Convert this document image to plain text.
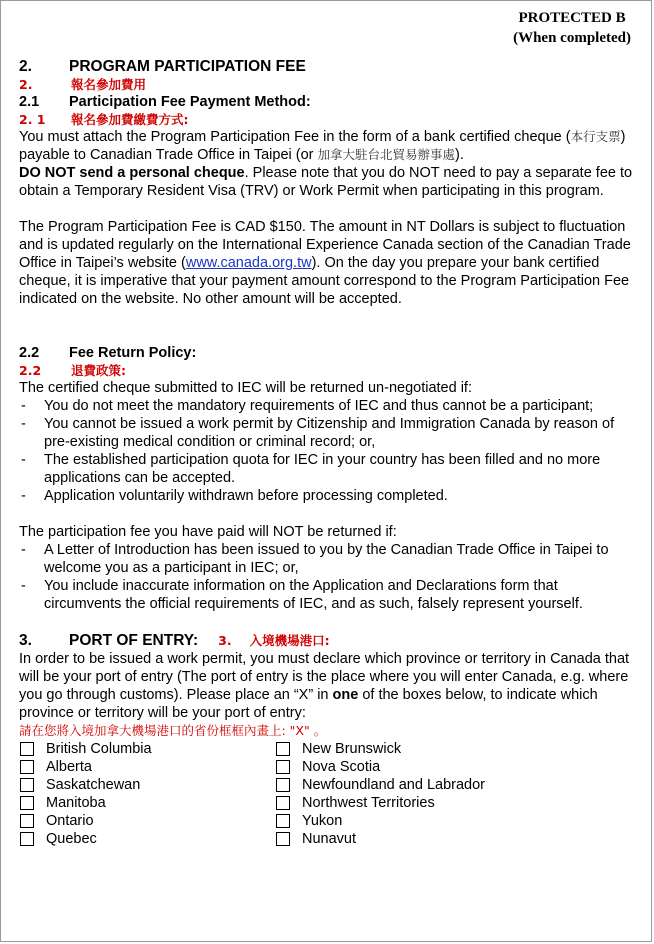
PROTECTED B
(When completed)
2.	PROGRAM PARTICIPATION FEE
2.	報名參加費用
2.1	Participation Fee Payment Method:
2. 1	報名參加費繳費方式:

You must attach the Program Participation Fee in the form of a bank certified cheque (本行支票) payable to Canadian Trade Office in Taipei (or 加拿大駐台北貿易辦事處).
DO NOT send a personal cheque. Please note that you do NOT need to pay a separate fee to obtain a Temporary Resident Visa (TRV) or Work Permit when participating in this program.

The Program Participation Fee is CAD $150. The amount in NT Dollars is subject to fluctuation and is updated regularly on the International Experience Canada section of the Canadian Trade Office in Taipei’s website (www.canada.org.tw). On the day you prepare your bank certified cheque, it is imperative that your payment amount correspond to the Program Participation Fee indicated on the website. No other amount will be accepted.

2.2	Fee Return Policy:
2.2	退費政策:

The certified cheque submitted to IEC will be returned un-negotiated if:

- You do not meet the mandatory requirements of IEC and thus cannot be a participant;
- You cannot be issued a work permit by Citizenship and Immigration Canada by reason of pre-existing medical condition or criminal record; or,
- The established participation quota for IEC in your country has been filled and no more applications can be accepted.
- Application voluntarily withdrawn before processing completed.

The participation fee you have paid will NOT be returned if:

- A Letter of Introduction has been issued to you by the Canadian Trade Office in Taipei to welcome you as a participant in IEC; or,
- You include inaccurate information on the Application and Declarations form that circumvents the official requirements of IEC, and as such, falsely represent yourself.
3.	PORT OF ENTRY: 3. 入境機場港口:

In order to be issued a work permit, you must declare which province or territory in Canada that will be your port of entry (The port of entry is the place where you will enter Canada, e.g. where you go through customs). Please place an “X” in one of the boxes below, to indicate which province or territory will be your port of entry:

請在您將入境加拿大機場港口的省份框框內畫上: "X" 。
British Columbia	New Brunswick
Alberta	Nova Scotia
Saskatchewan	Newfoundland and Labrador
Manitoba	Northwest Territories
Ontario	Yukon
Quebec	Nunavut
